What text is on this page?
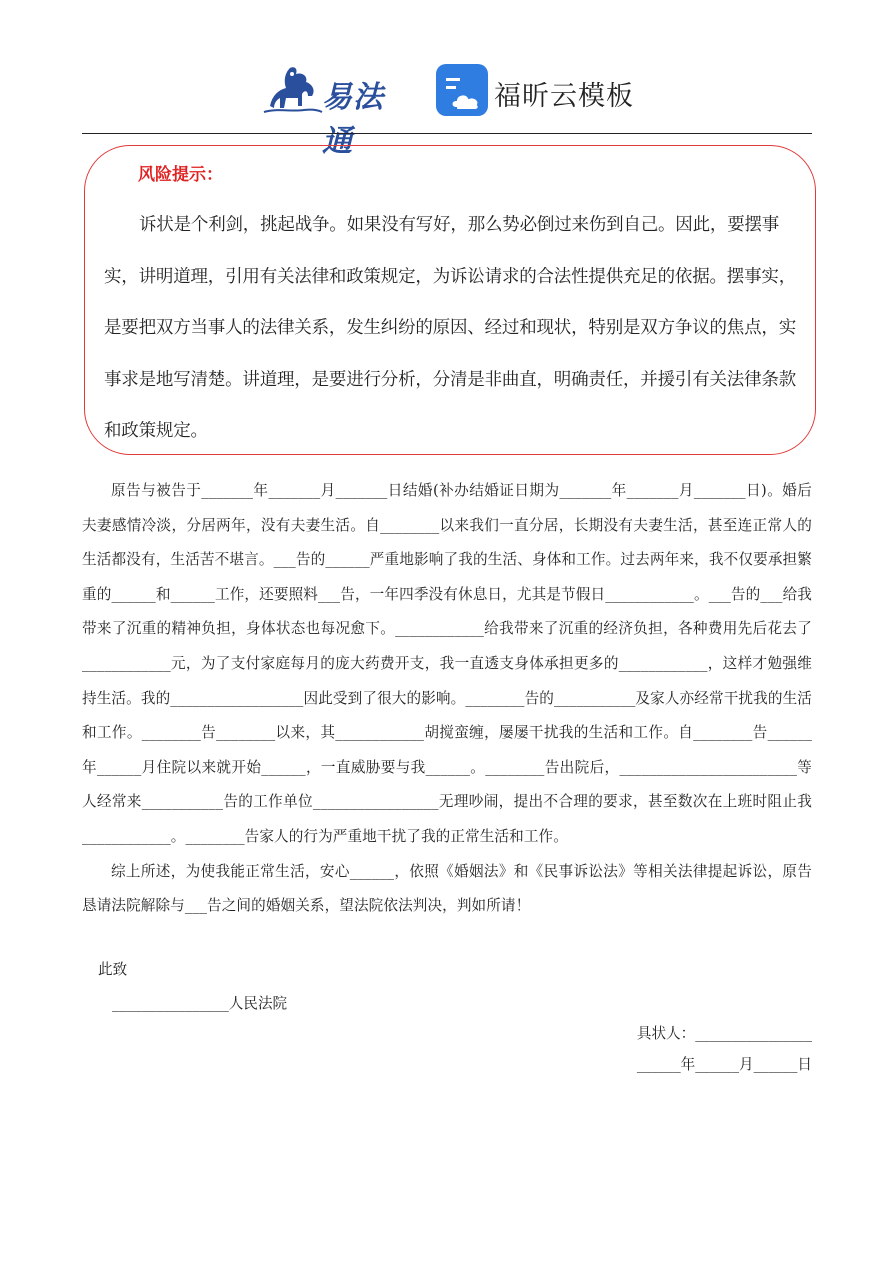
易法通
福昕云模板
风险提示：
诉状是个利剑，挑起战争。如果没有写好，那么势必倒过来伤到自己。因此，要摆事实，讲明道理，引用有关法律和政策规定，为诉讼请求的合法性提供充足的依据。摆事实，是要把双方当事人的法律关系，发生纠纷的原因、经过和现状，特别是双方争议的焦点，实事求是地写清楚。讲道理，是要进行分析，分清是非曲直，明确责任，并援引有关法律条款和政策规定。

原告与被告于_______年_______月_______日结婚(补办结婚证日期为_______年_______月_______日)。婚后夫妻感情冷淡，分居两年，没有夫妻生活。自________以来我们一直分居，长期没有夫妻生活，甚至连正常人的生活都没有，生活苦不堪言。___告的______严重地影响了我的生活、身体和工作。过去两年来，我不仅要承担繁重的______和______工作，还要照料___告，一年四季没有休息日，尤其是节假日____________。___告的___给我带来了沉重的精神负担，身体状态也每况愈下。____________给我带来了沉重的经济负担，各种费用先后花去了____________元，为了支付家庭每月的庞大药费开支，我一直透支身体承担更多的____________，这样才勉强维持生活。我的__________________因此受到了很大的影响。________告的___________及家人亦经常干扰我的生活和工作。________告________以来，其____________胡搅蛮缠，屡屡干扰我的生活和工作。自________告______年______月住院以来就开始______，一直威胁要与我______。________告出院后，________________________等人经常来___________告的工作单位_________________无理吵闹，提出不合理的要求，甚至数次在上班时阻止我____________。________告家人的行为严重地干扰了我的正常生活和工作。

综上所述，为使我能正常生活，安心______，依照《婚姻法》和《民事诉讼法》等相关法律提起诉讼，原告恳请法院解除与___告之间的婚姻关系，望法院依法判决，判如所请！

此致
________________人民法院
具状人：________________
______年______月______日
